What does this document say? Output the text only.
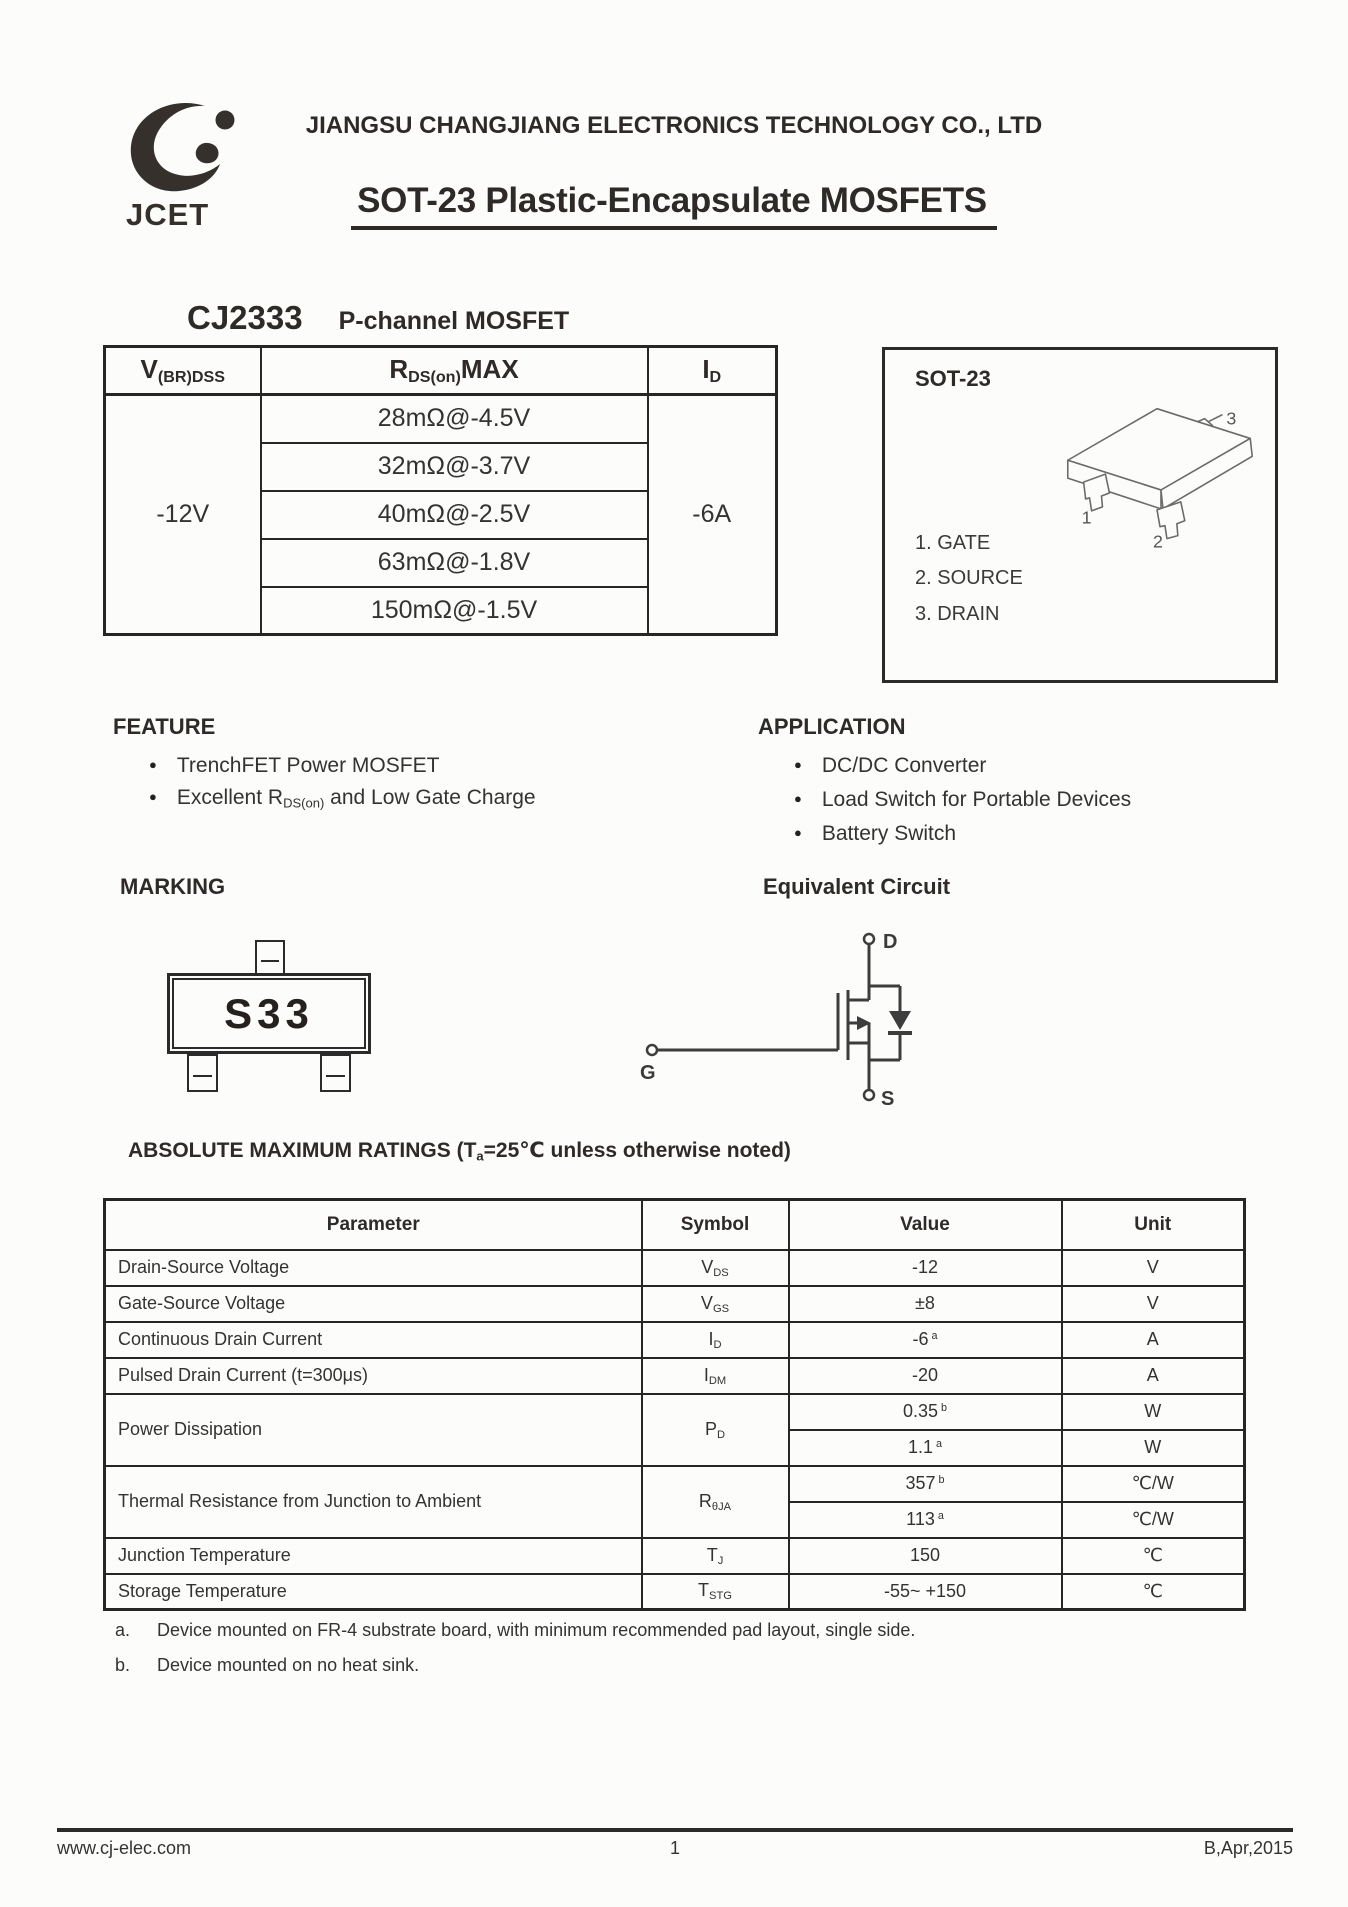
JCET
JIANGSU CHANGJIANG ELECTRONICS TECHNOLOGY CO., LTD
SOT-23 Plastic-Encapsulate MOSFETS
CJ2333 P-channel MOSFET
$V_{(BR)DSS}$	$R_{DS(on)}MAX$	$I_D$
-12V	28mΩ@-4.5V	-6A
	32mΩ@-3.7V	
	40mΩ@-2.5V	
	63mΩ@-1.8V	
	150mΩ@-1.5V	
SOT-23
3
1
2
1. GATE
2. SOURCE
3. DRAIN
FEATURE
● TrenchFET Power MOSFET
● Excellent $R_{DS(on)}$ and Low Gate Charge
APPLICATION
● DC/DC Converter
● Load Switch for Portable Devices
● Battery Switch
MARKING
S33
Equivalent Circuit
D
G
S
ABSOLUTE MAXIMUM RATINGS ($T_a=25℃$ unless otherwise noted)
Parameter	Symbol	Value	Unit
Drain-Source Voltage	$V_{DS}$	-12	V
Gate-Source Voltage	$V_{GS}$	±8	V
Continuous Drain Current	$I_D$	-6 $^a$	A
Pulsed Drain Current (t=300μs)	$I_{DM}$	-20	A
Power Dissipation	$P_D$	0.35 $^b$	W
		1.1 $^a$	W
Thermal Resistance from Junction to Ambient	$R_{\theta JA}$	357 $^b$	℃/W
		113 $^a$	℃/W
Junction Temperature	$T_J$	150	℃
Storage Temperature	$T_{STG}$	-55~ +150	℃
a.	Device mounted on FR-4 substrate board, with minimum recommended pad layout, single side.
b.	Device mounted on no heat sink.
www.cj-elec.com	1	B,Apr,2015
